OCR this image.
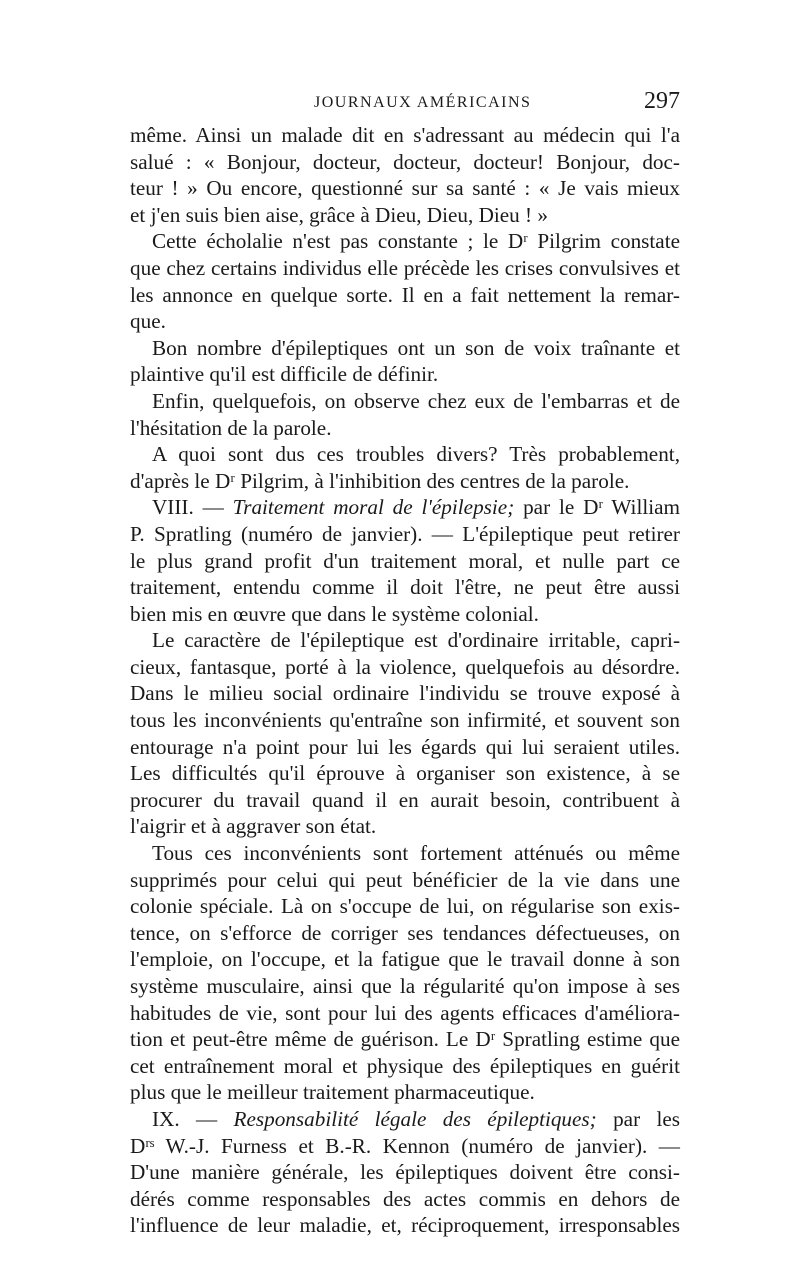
JOURNAUX AMÉRICAINS	297
même. Ainsi un malade dit en s'adressant au médecin qui l'a
salué : « Bonjour, docteur, docteur, docteur! Bonjour, doc-
teur ! » Ou encore, questionné sur sa santé : « Je vais mieux
et j'en suis bien aise, grâce à Dieu, Dieu, Dieu ! »
Cette écholalie n'est pas constante ; le Dʳ Pilgrim constate
que chez certains individus elle précède les crises convulsives et
les annonce en quelque sorte. Il en a fait nettement la remar-
que.
Bon nombre d'épileptiques ont un son de voix traînante et
plaintive qu'il est difficile de définir.
Enfin, quelquefois, on observe chez eux de l'embarras et de
l'hésitation de la parole.
A quoi sont dus ces troubles divers? Très probablement,
d'après le Dʳ Pilgrim, à l'inhibition des centres de la parole.
VIII. — Traitement moral de l'épilepsie; par le Dʳ William
P. Spratling (numéro de janvier). — L'épileptique peut retirer
le plus grand profit d'un traitement moral, et nulle part ce
traitement, entendu comme il doit l'être, ne peut être aussi
bien mis en œuvre que dans le système colonial.
Le caractère de l'épileptique est d'ordinaire irritable, capri-
cieux, fantasque, porté à la violence, quelquefois au désordre.
Dans le milieu social ordinaire l'individu se trouve exposé à
tous les inconvénients qu'entraîne son infirmité, et souvent son
entourage n'a point pour lui les égards qui lui seraient utiles.
Les difficultés qu'il éprouve à organiser son existence, à se
procurer du travail quand il en aurait besoin, contribuent à
l'aigrir et à aggraver son état.
Tous ces inconvénients sont fortement atténués ou même
supprimés pour celui qui peut bénéficier de la vie dans une
colonie spéciale. Là on s'occupe de lui, on régularise son exis-
tence, on s'efforce de corriger ses tendances défectueuses, on
l'emploie, on l'occupe, et la fatigue que le travail donne à son
système musculaire, ainsi que la régularité qu'on impose à ses
habitudes de vie, sont pour lui des agents efficaces d'améliora-
tion et peut-être même de guérison. Le Dʳ Spratling estime que
cet entraînement moral et physique des épileptiques en guérit
plus que le meilleur traitement pharmaceutique.
IX. — Responsabilité légale des épileptiques; par les
Dʳˢ W.-J. Furness et B.-R. Kennon (numéro de janvier). —
D'une manière générale, les épileptiques doivent être consi-
dérés comme responsables des actes commis en dehors de
l'influence de leur maladie, et, réciproquement, irresponsables
